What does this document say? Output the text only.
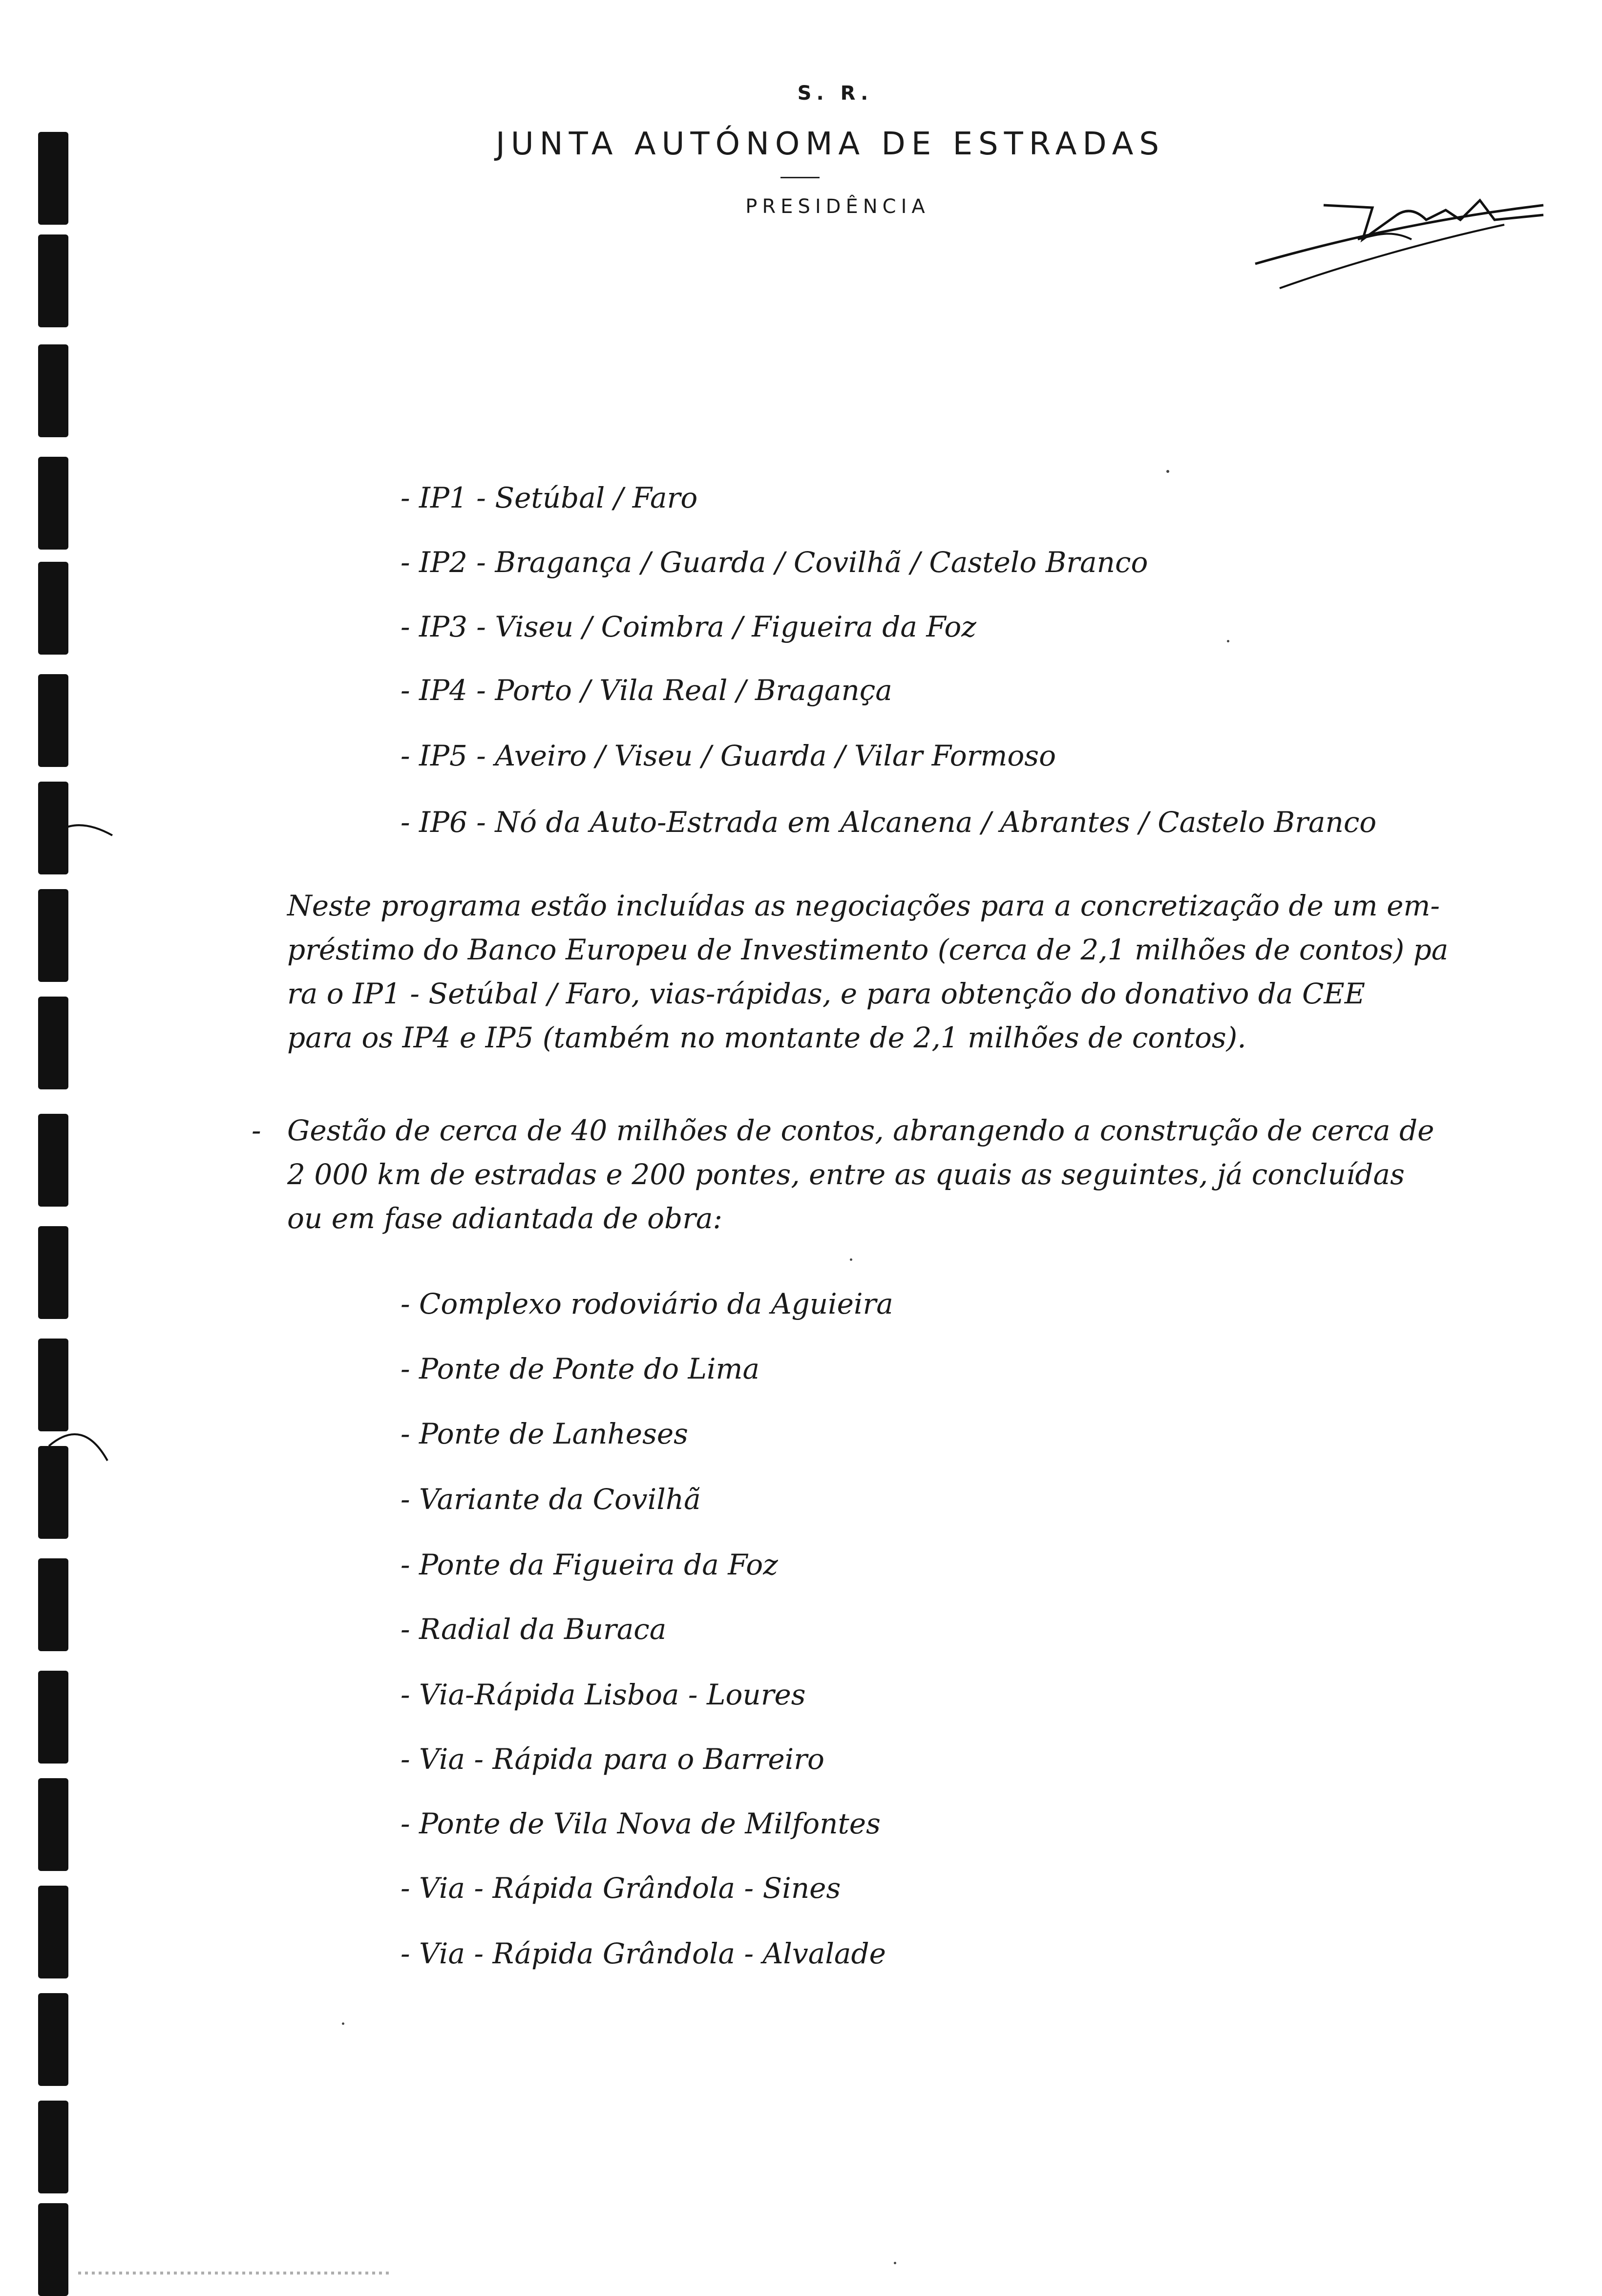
S. R.
JUNTA AUTÓNOMA DE ESTRADAS
PRESIDÊNCIA
- IP1 - Setúbal / Faro
- IP2 - Bragança / Guarda / Covilhã / Castelo Branco
- IP3 - Viseu / Coimbra / Figueira da Foz
- IP4 - Porto / Vila Real / Bragança
- IP5 - Aveiro / Viseu / Guarda / Vilar Formoso
- IP6 - Nó da Auto-Estrada em Alcanena / Abrantes / Castelo Branco
Neste programa estão incluídas as negociações para a concretização de um em-
préstimo do Banco Europeu de Investimento (cerca de 2,1 milhões de contos) pa
ra o IP1 - Setúbal / Faro, vias-rápidas, e para obtenção do donativo da CEE
para os IP4 e IP5 (também no montante de 2,1 milhões de contos).
- Gestão de cerca de 40 milhões de contos, abrangendo a construção de cerca de
2 000 km de estradas e 200 pontes, entre as quais as seguintes, já concluídas
ou em fase adiantada de obra:
- Complexo rodoviário da Aguieira
- Ponte de Ponte do Lima
- Ponte de Lanheses
- Variante da Covilhã
- Ponte da Figueira da Foz
- Radial da Buraca
- Via-Rápida Lisboa - Loures
- Via - Rápida para o Barreiro
- Ponte de Vila Nova de Milfontes
- Via - Rápida Grândola - Sines
- Via - Rápida Grândola - Alvalade
